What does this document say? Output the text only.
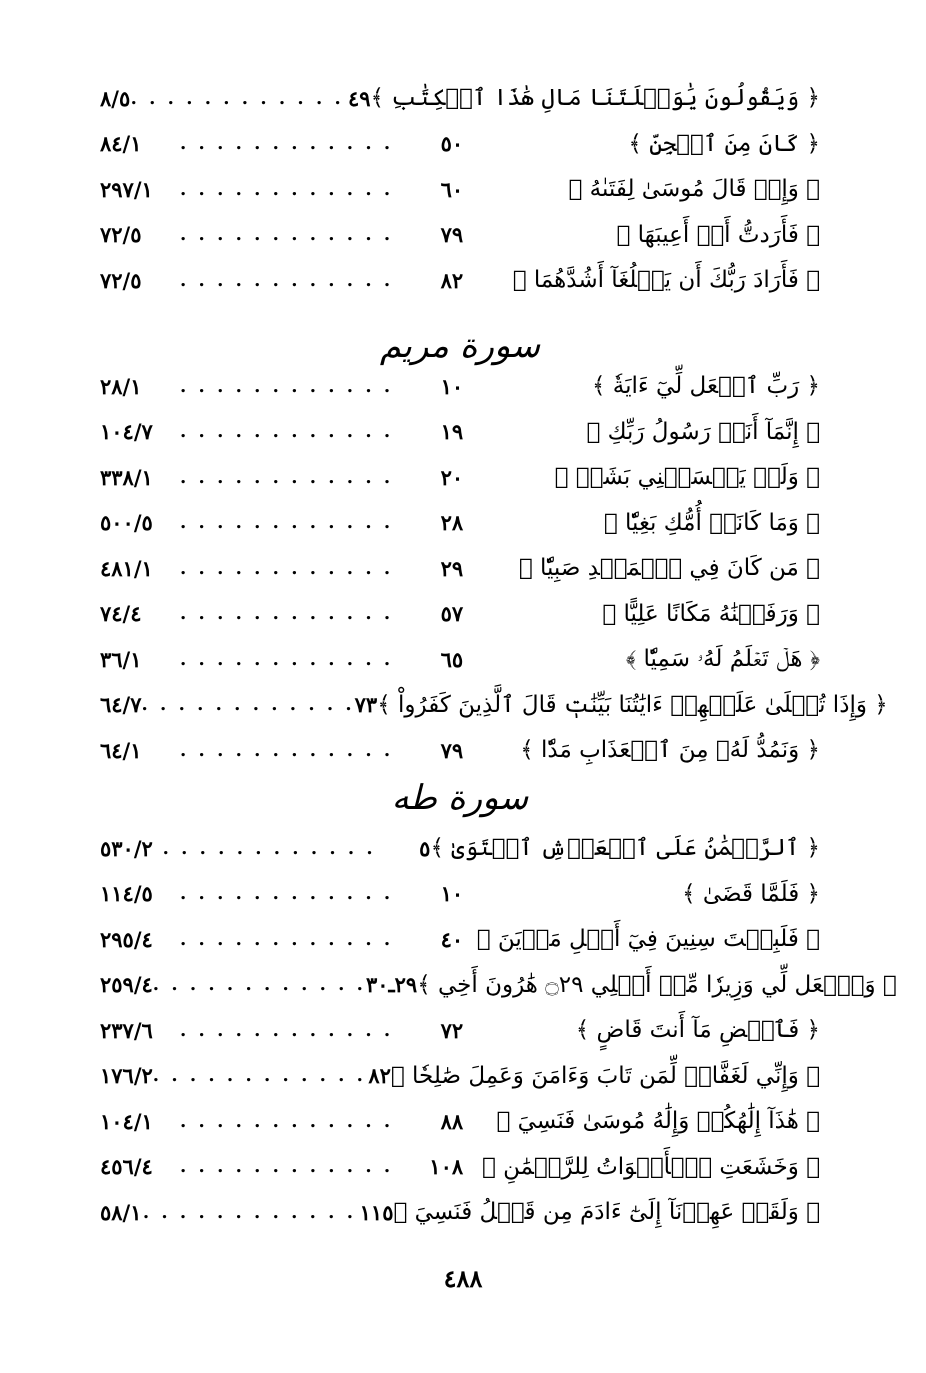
٨/٥ . . . . . . . . . . . . ٤٩ ﴿ وَيَقُولُونَ يَٰوَيۡلَتَنَا مَالِ هَٰذَا ٱلۡكِتَٰبِ ﴾
٨٤/١	. . . . . . . . . . . .	٥٠	﴿ كَانَ مِنَ ٱلۡجِنِّ ﴾
٢٩٧/١	. . . . . . . . . . . .	٦٠	﴿ وَإِذۡ قَالَ مُوسَىٰ لِفَتَىٰهُ ﴾
٧٢/٥	. . . . . . . . . . . .	٧٩	﴿ فَأَرَدتُّ أَنۡ أَعِيبَهَا ﴾
٧٢/٥	. . . . . . . . . . . .	٨٢	﴿ فَأَرَادَ رَبُّكَ أَن يَبۡلُغَآ أَشُدَّهُمَا ﴾
سورة مريم
٢٨/١	. . . . . . . . . . . .	١٠	﴿ رَبِّ ٱجۡعَل لِّيٓ ءَايَةٗ ﴾
١٠٤/٧	. . . . . . . . . . . .	١٩	﴿ إِنَّمَآ أَنَا۠ رَسُولُ رَبِّكِ ﴾
٣٣٨/١	. . . . . . . . . . . .	٢٠	﴿ وَلَمۡ يَمۡسَسۡنِي بَشَرٞ ﴾
٥٠٠/٥	. . . . . . . . . . . .	٢٨	﴿ وَمَا كَانَتۡ أُمُّكِ بَغِيّٗا ﴾
٤٨١/١	. . . . . . . . . . . .	٢٩	﴿ مَن كَانَ فِي ٱلۡمَهۡدِ صَبِيّٗا ﴾
٧٤/٤	. . . . . . . . . . . .	٥٧	﴿ وَرَفَعۡنَٰهُ مَكَانًا عَلِيًّا ﴾
٣٦/١	. . . . . . . . . . . .	٦٥	﴿ هَلۡ تَعۡلَمُ لَهُۥ سَمِيّٗا ﴾
٦٤/٧ . . . . . . . . . . . . ٧٣ ﴿ وَإِذَا تُتۡلَىٰ عَلَيۡهِمۡ ءَايَٰتُنَا بَيِّنَٰتٖ قَالَ ٱلَّذِينَ كَفَرُواْ ﴾
٦٤/١	. . . . . . . . . . . .	٧٩	﴿ وَنَمُدُّ لَهُۥ مِنَ ٱلۡعَذَابِ مَدّٗا ﴾
سورة طه
٥٣٠/٢ . . . . . . . . . . . .	٥ ﴿ ٱلرَّحۡمَٰنُ عَلَى ٱلۡعَرۡشِ ٱسۡتَوَىٰ ﴾
١١٤/٥	. . . . . . . . . . . .	١٠	﴿ فَلَمَّا قَضَىٰ ﴾
٢٩٥/٤	. . . . . . . . . . . .	٤٠ ﴿ فَلَبِثۡتَ سِنِينَ فِيٓ أَهۡلِ مَدۡيَنَ ﴾
٢٥٩/٤ . . . . . . . . . . . . ٢٩ـ٣٠ ﴿ وَٱجۡعَل لِّي وَزِيرٗا مِّنۡ أَهۡلِي ۝٢٩ هَٰرُونَ أَخِي ﴾
٢٣٧/٦	. . . . . . . . . . . .	٧٢	﴿ فَٱقۡضِ مَآ أَنتَ قَاضٍ ﴾
١٧٦/٢ . . . . . . . . . . . . ٨٢ ﴿ وَإِنِّي لَغَفَّارٞ لِّمَن تَابَ وَءَامَنَ وَعَمِلَ صَٰلِحٗا ﴾
١٠٤/١	. . . . . . . . . . . .	٨٨	﴿ هَٰذَآ إِلَٰهُكُمۡ وَإِلَٰهُ مُوسَىٰ فَنَسِيَ ﴾
٤٥٦/٤	. . . . . . . . . . . .	١٠٨ ﴿ وَخَشَعَتِ ٱلۡأَصۡوَاتُ لِلرَّحۡمَٰنِ ﴾
٥٨/١ . . . . . . . . . . . . ١١٥ ﴿ وَلَقَدۡ عَهِدۡنَآ إِلَىٰٓ ءَادَمَ مِن قَبۡلُ فَنَسِيَ ﴾
٤٨٨
